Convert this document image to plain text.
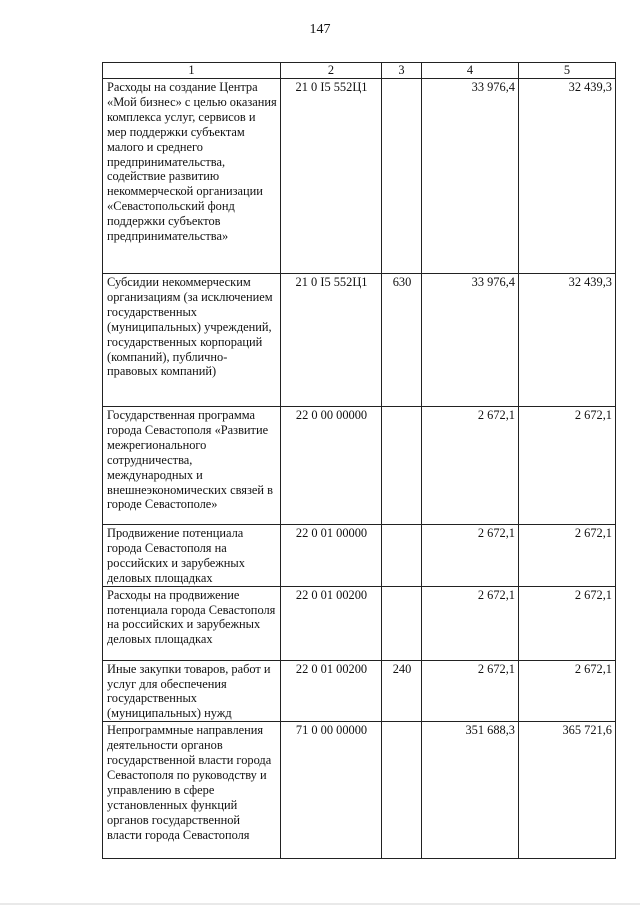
147
1	2	3	4	5
Расходы на создание Центра «Мой бизнес» с целью оказания комплекса услуг, сервисов и мер поддержки субъектам малого и среднего предпринимательства, содействие развитию некоммерческой организации «Севастопольский фонд поддержки субъектов предпринимательства»	21 0 I5 552Ц1		33 976,4	32 439,3
Субсидии некоммерческим организациям (за исключением государственных (муниципальных) учреждений, государственных корпораций (компаний), публично-правовых компаний)	21 0 I5 552Ц1	630	33 976,4	32 439,3
Государственная программа города Севастополя «Развитие межрегионального сотрудничества, международных и внешнеэкономических связей в городе Севастополе»	22 0 00 00000		2 672,1	2 672,1
Продвижение потенциала города Севастополя на российских и зарубежных деловых площадках	22 0 01 00000		2 672,1	2 672,1
Расходы на продвижение потенциала города Севастополя на российских и зарубежных деловых площадках	22 0 01 00200		2 672,1	2 672,1
Иные закупки товаров, работ и услуг для обеспечения государственных (муниципальных) нужд	22 0 01 00200	240	2 672,1	2 672,1
Непрограммные направления деятельности органов государственной власти города Севастополя по руководству и управлению в сфере установленных функций органов государственной власти города Севастополя	71 0 00 00000		351 688,3	365 721,6
